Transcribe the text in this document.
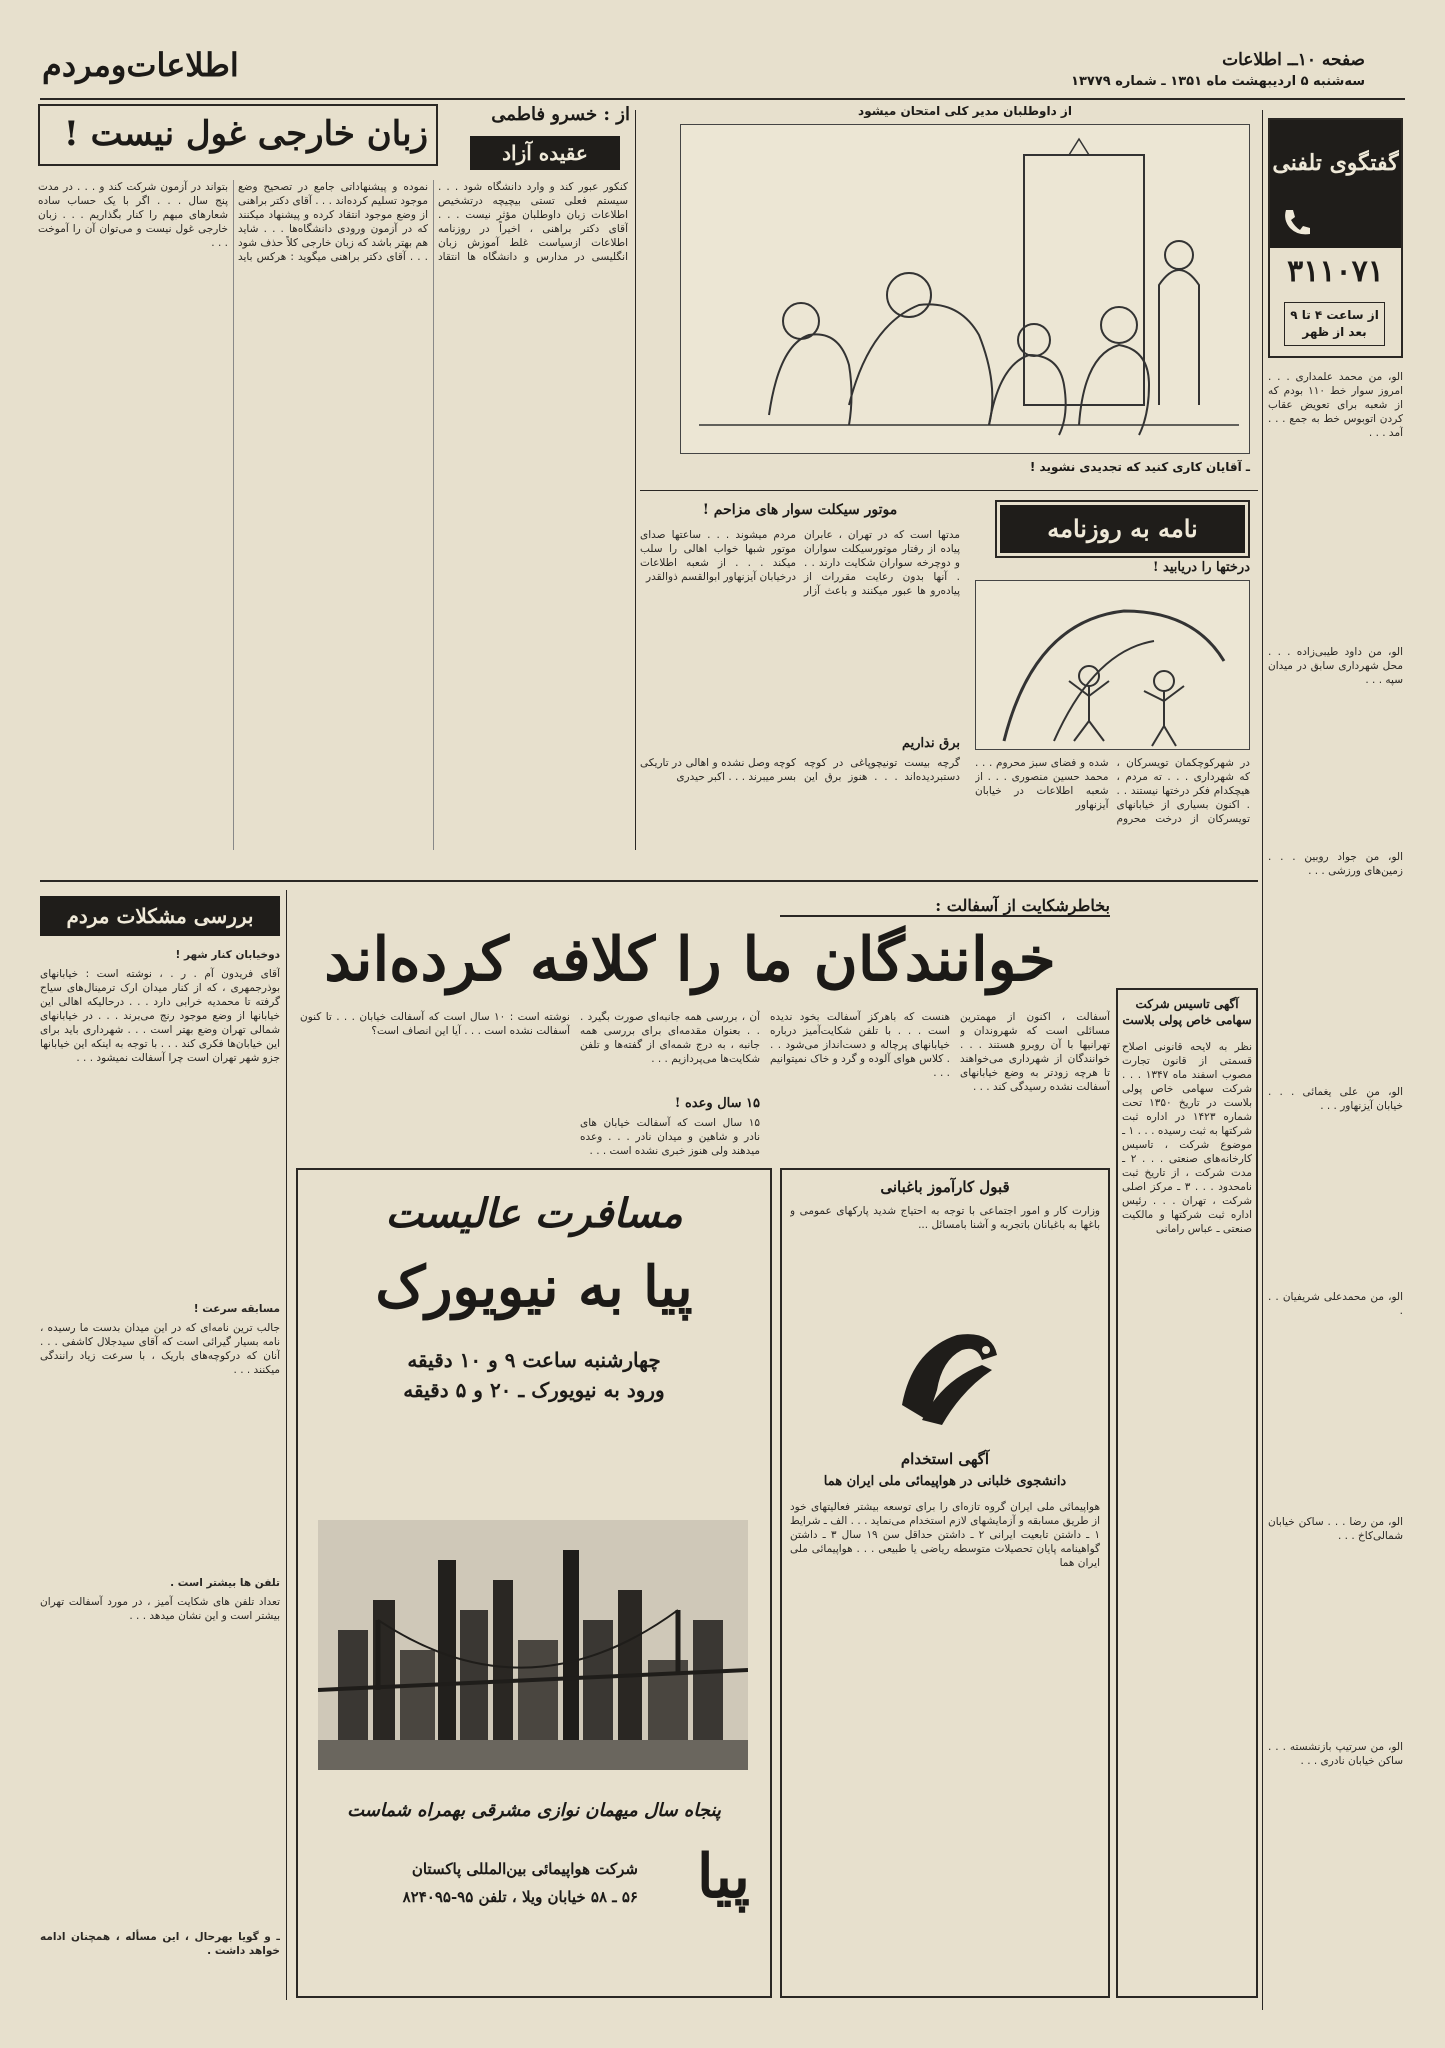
صفحه ۱۰ــ اطلاعات
سه‌شنبه ۵ اردیبهشت ماه ۱۳۵۱ ـ شماره ۱۳۷۷۹
اطلاعات‌ومردم
گفتگوی تلفنی
۳۱۱۰۷۱
از ساعت ۴ تا ۹ بعد از ظهر

الو، من محمد علمداری . . . امروز سوار خط ۱۱۰ بودم که از شعبه برای تعویض عقاب کردن اتوبوس خط به جمع . . . آمد . . .

الو، من داود طیبی‌زاده . . . محل شهرداری سابق در میدان سپه . . .

الو، من جواد روبین . . . زمین‌های ورزشی . . .

الو، من علی یغمائی . . . خیابان آیزنهاور . . .

الو، من محمدعلی شریفیان . . .

الو، من رضا . . . ساکن خیابان شمالی‌کاخ . . .

الو، من سرتیپ بازنشسته . . . ساکن خیابان نادری . . .

از داوطلبان مدیر کلی امتحان میشود
ـ آقایان کاری کنید که تجدیدی نشوید !
زبان خارجی غول نیست !	از : خسرو فاطمی
عقیده آزاد
کنکور عبور کند و وارد دانشگاه شود . . . سیستم فعلی تستی بیچیچه درتشخیص اطلاعات زبان داوطلبان مؤثر نیست . . . آقای دکتر براهنی ، اخیراً در روزنامه اطلاعات ازسیاست غلط آموزش زبان انگلیسی در مدارس و دانشگاه ها انتقاد نموده و پیشنهاداتی جامع در تصحیح وضع موجود تسلیم کرده‌اند . . . آقای دکتر براهنی از وضع موجود انتقاد کرده و پیشنهاد میکنند که در آزمون ورودی دانشگاه‌ها . . . شاید هم بهتر باشد که زبان خارجی کلاً حذف شود . . . آقای دکتر براهنی میگوید : هرکس باید بتواند در آزمون شرکت کند و . . . در مدت پنج سال . . . اگر با یک حساب ساده شعارهای مبهم را کنار بگذاریم . . . زبان خارجی غول نیست و می‌توان آن را آموخت . . .
موتور سیکلت سوار های مزاحم !
مدتها است که در تهران ، عابران پیاده از رفتار موتورسیکلت سواران و دوچرخه سواران شکایت دارند . . . آنها بدون رعایت مقررات از پیاده‌رو ها عبور میکنند و باعث آزار مردم میشوند . . . ساعتها صدای موتور شبها خواب اهالی را سلب میکند . . . از شعبه اطلاعات درخیابان آیزنهاور ابوالقسم ذوالقدر
برق نداریم
گرچه بیست تونیچوپاغی در کوچه دستبردیده‌اند . . . هنوز برق این کوچه وصل نشده و اهالی در تاریکی بسر میبرند . . . اکبر حیدری
نامه به روزنامه
درختها را دریابید !
در شهرکوچکمان تویسرکان ، که شهرداری . . . ته مردم ، هیچکدام فکر درختها نیستند . . . اکنون بسیاری از خیابانهای تویسرکان از درخت محروم شده و فضای سبز محروم . . . محمد حسین منصوری . . . از شعبه اطلاعات در خیابان آیزنهاور
بررسی مشکلات مردم	بخاطرشکایت از آسفالت :
خوانندگان ما را کلافه کرده‌اند

دوخیابان کنار شهر !

آقای فریدون آم . ر . ، نوشته است : خیابانهای بوذرجمهری ، که از کنار میدان ارک ترمینال‌های سیاح گرفته تا محمدیه خرابی دارد . . . درحالیکه اهالی این خیابانها از وضع موجود رنج می‌برند . . . در خیابانهای شمالی تهران وضع بهتر است . . . شهرداری باید برای این خیابان‌ها فکری کند . . . با توجه به اینکه این خیابانها جزو شهر تهران است چرا آسفالت نمیشود . . .

مسابقه سرعت !

جالب ترین نامه‌ای که در این میدان بدست ما رسیده ، نامه بسیار گیرائی است که آقای سیدجلال کاشفی . . . آنان که درکوچه‌های باریک ، با سرعت زیاد رانندگی میکنند . . .

تلفن ها بیشتر است .

تعداد تلفن های شکایت آمیز ، در مورد آسفالت تهران بیشتر است و این نشان میدهد . . .

ـ و گویا بهرحال ، این مسأله ، همچنان ادامه خواهد داشت .

آسفالت ، اکنون از مهمترین مسائلی است که شهروندان و تهرانیها با آن روبرو هستند . . . خوانندگان از شهرداری می‌خواهند تا هرچه زودتر به وضع خیابانهای آسفالت نشده رسیدگی کند . . .
هنست که باهرکز آسفالت بخود ندیده است . . . با تلفن شکایت‌آمیز درباره خیابانهای پرچاله و دست‌انداز می‌شود . . . کلاس هوای آلوده و گرد و خاک نمیتوانیم . . .
آن ، بررسی همه جانبه‌ای صورت بگیرد . . . بعنوان مقدمه‌ای برای بررسی همه جانبه ، به درج شمه‌ای از گفته‌ها و تلفن شکایت‌ها می‌پردازیم . . .
۱۵ سال وعده !
۱۵ سال است که آسفالت خیابان های نادر و شاهین و میدان نادر . . . وعده میدهند ولی هنوز خبری نشده است . . .
نوشته است : ۱۰ سال است که آسفالت خیابان . . . تا کنون آسفالت نشده است . . . آیا این انصاف است؟
آگهی تاسیس شرکت سهامی خاص پولی بلاست
نظر به لایحه قانونی اصلاح قسمتی از قانون تجارت مصوب اسفند ماه ۱۳۴۷ . . . شرکت سهامی خاص پولی بلاست در تاریخ ۱۳۵۰ تحت شماره ۱۴۲۳ در اداره ثبت شرکتها به ثبت رسیده . . . ۱ ـ موضوع شرکت ، تاسیس کارخانه‌های صنعتی . . . ۲ ـ مدت شرکت ، از تاریخ ثبت نامحدود . . . ۳ ـ مرکز اصلی شرکت ، تهران . . . رئیس اداره ثبت شرکتها و مالکیت صنعتی ـ عباس رامانی
قبول کارآموز باغبانی
وزارت کار و امور اجتماعی با توجه به احتیاج شدید پارکهای عمومی و باغها به باغبانان باتجربه و آشنا بامسائل ...
آگهی استخدام
دانشجوی خلبانی در هواپیمائی ملی ایران هما
هواپیمائی ملی ایران گروه تازه‌ای را برای توسعه بیشتر فعالیتهای خود از طریق مسابقه و آزمایشهای لازم استخدام می‌نماید . . . الف ـ شرایط ۱ ـ داشتن تابعیت ایرانی ۲ ـ داشتن حداقل سن ۱۹ سال ۳ ـ داشتن گواهینامه پایان تحصیلات متوسطه ریاضی یا طبیعی . . . هواپیمائی ملی ایران هما
مسافرت عالیست
پیا به نیویورک
چهارشنبه ساعت ۹ و ۱۰ دقیقه
ورود به نیویورک ـ ۲۰ و ۵ دقیقه
پنجاه سال میهمان نوازی مشرقی بهمراه شماست
پیا
شرکت هواپیمائی بین‌المللی پاکستان
۵۶ ـ ۵۸ خیابان ویلا ، تلفن ۹۵-۸۲۴۰۹۵
